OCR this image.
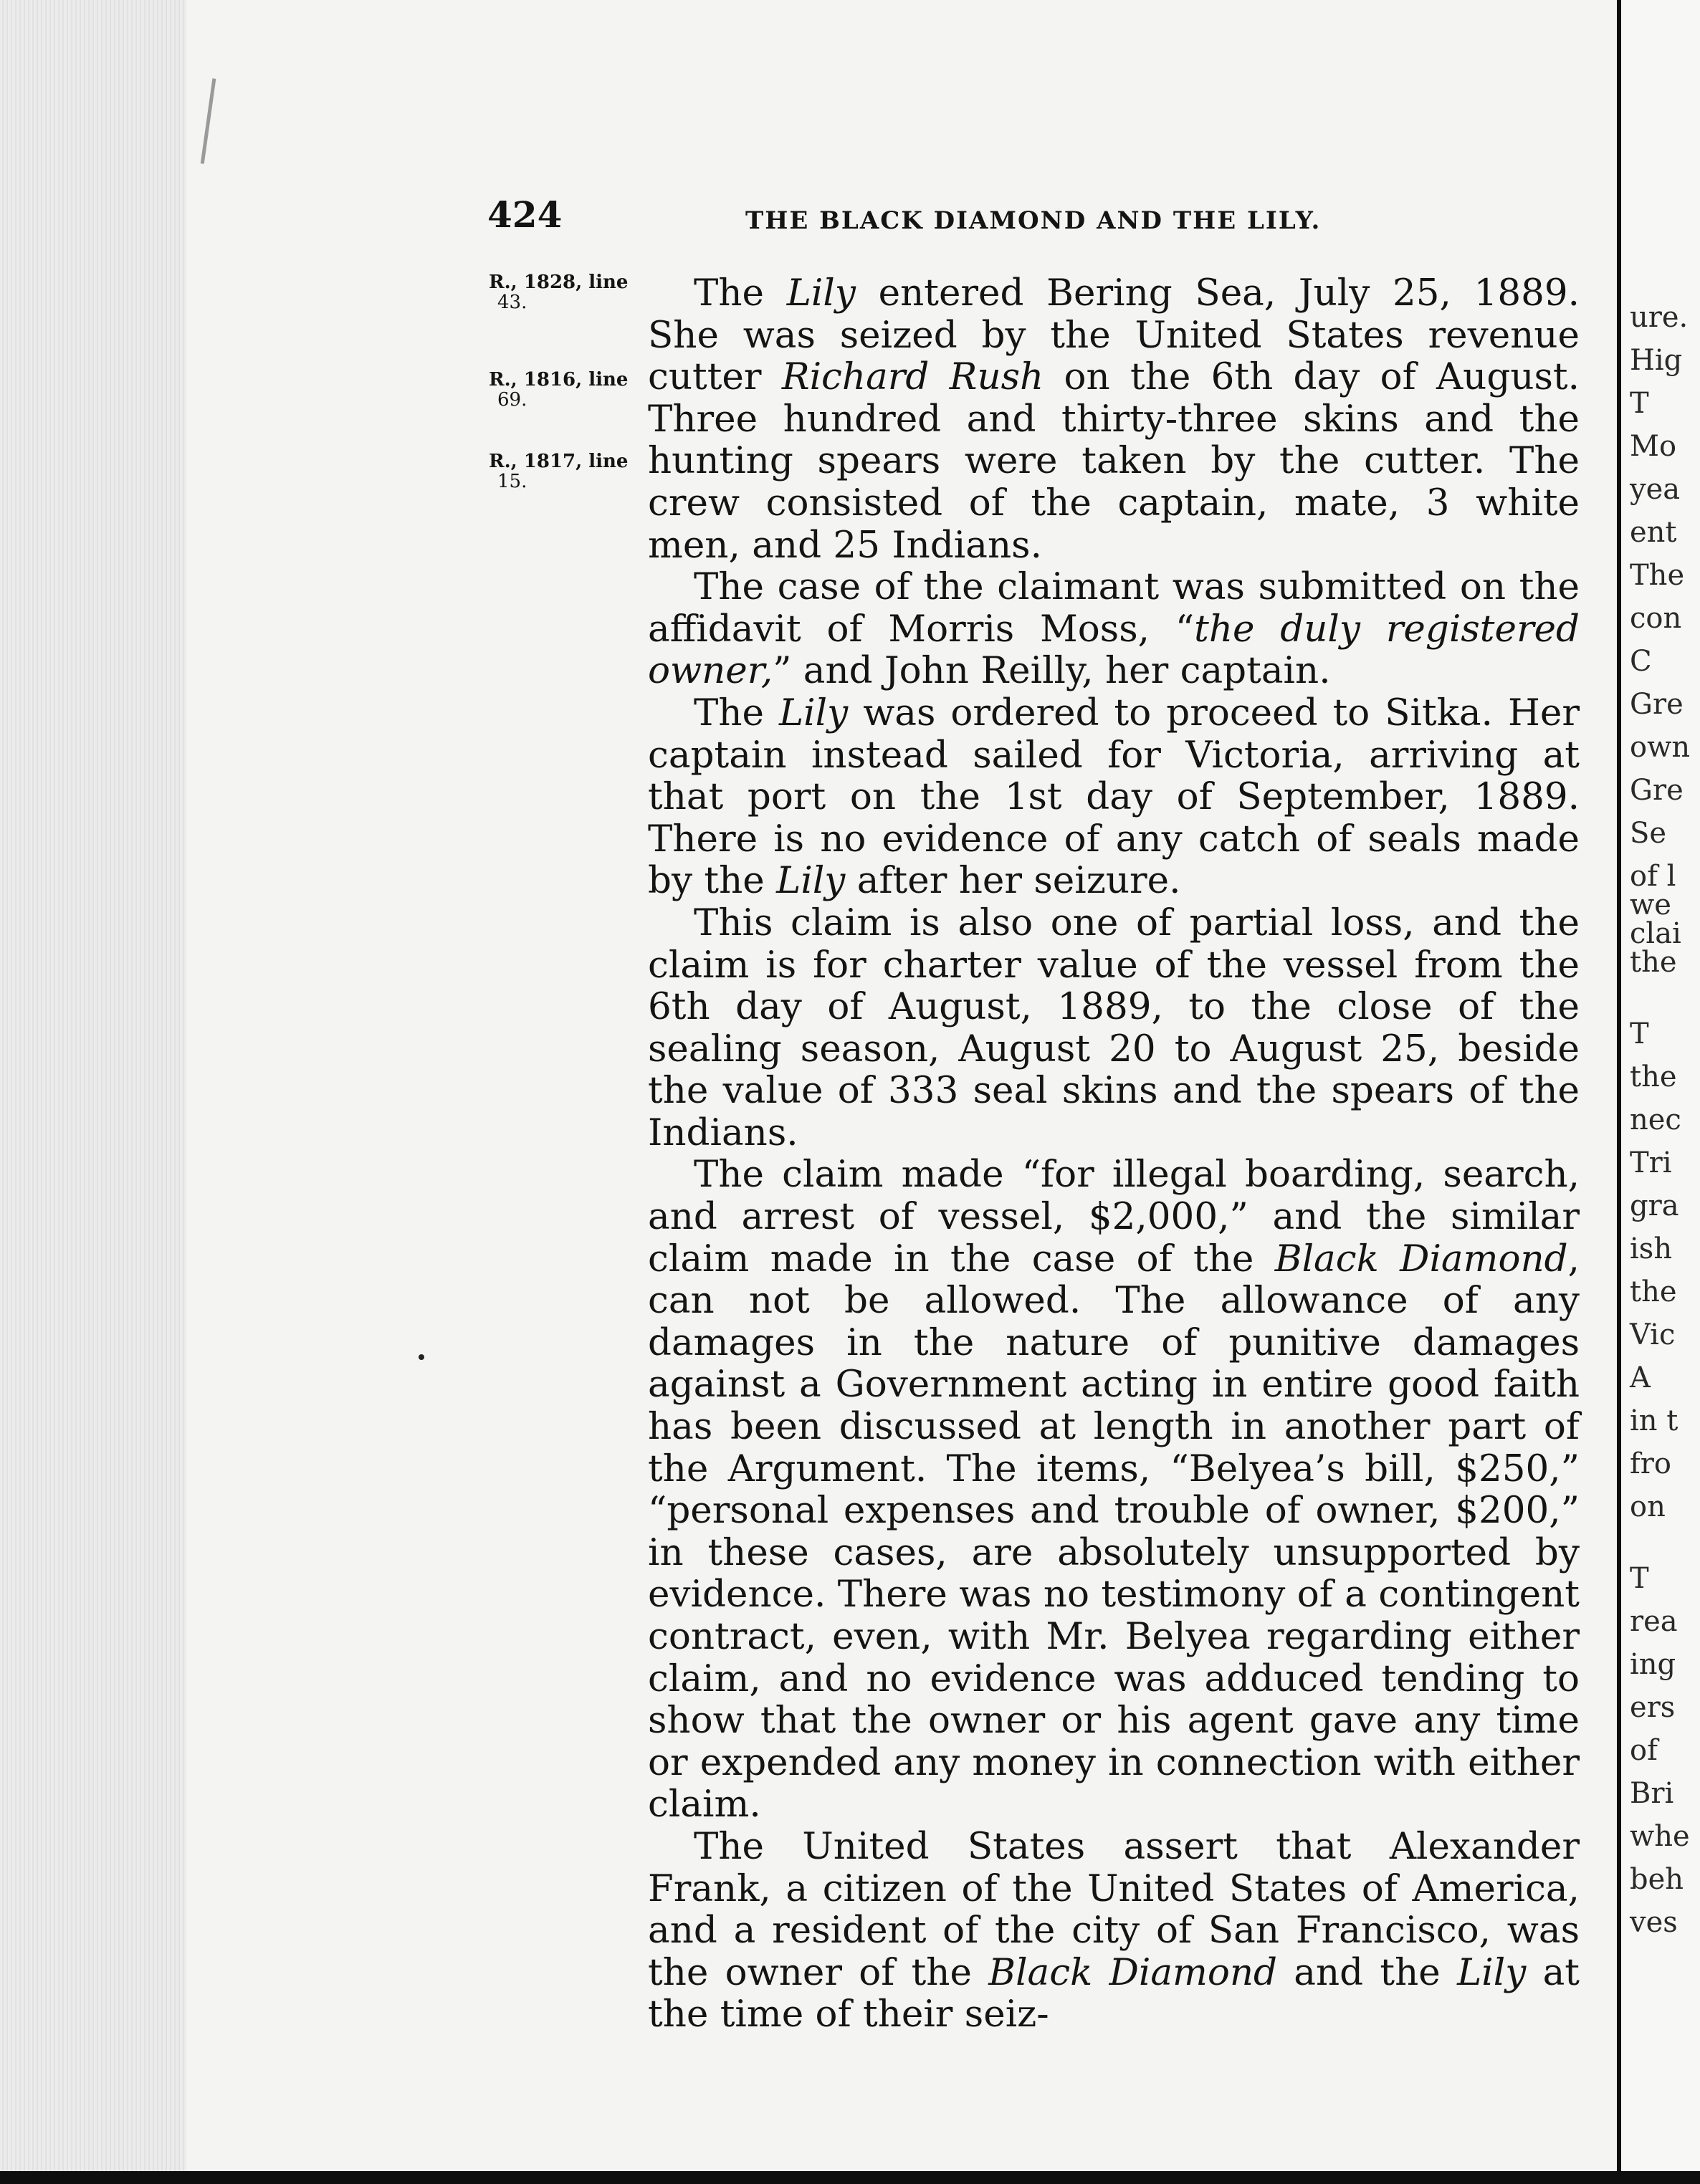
424	THE BLACK DIAMOND AND THE LILY.
R., 1828, line
43.
R., 1816, line
69.
R., 1817, line
15.

The Lily entered Bering Sea, July 25, 1889. She was seized by the United States revenue cutter Richard Rush on the 6th day of August. Three hundred and thirty-three skins and the hunting spears were taken by the cutter. The crew consisted of the captain, mate, 3 white men, and 25 Indians.

The case of the claimant was submitted on the affidavit of Morris Moss, “the duly registered owner,” and John Reilly, her captain.

The Lily was ordered to proceed to Sitka. Her captain instead sailed for Victoria, arriving at that port on the 1st day of September, 1889. There is no evidence of any catch of seals made by the Lily after her seizure.

This claim is also one of partial loss, and the claim is for charter value of the vessel from the 6th day of August, 1889, to the close of the sealing season, August 20 to August 25, beside the value of 333 seal skins and the spears of the Indians.

The claim made “for illegal boarding, search, and arrest of vessel, $2,000,” and the similar claim made in the case of the Black Diamond, can not be allowed. The allowance of any damages in the nature of punitive damages against a Government acting in entire good faith has been discussed at length in another part of the Argument. The items, “Belyea’s bill, $250,” “personal expenses and trouble of owner, $200,” in these cases, are absolutely unsupported by evidence. There was no testimony of a contingent contract, even, with Mr. Belyea regarding either claim, and no evidence was adduced tending to show that the owner or his agent gave any time or expended any money in connection with either claim.

The United States assert that Alexander Frank, a citizen of the United States of America, and a resident of the city of San Francisco, was the owner of the Black Diamond and the Lily at the time of their seiz-

ure.
Hig
T
Mo
yea
ent
The
con
C
Gre
own
Gre
Se
of l
we
clai
the
T
the
nec
Tri
gra
ish
the
Vic
A
in t
fro
on
T
rea
ing
ers
of
Bri
whe
beh
ves
